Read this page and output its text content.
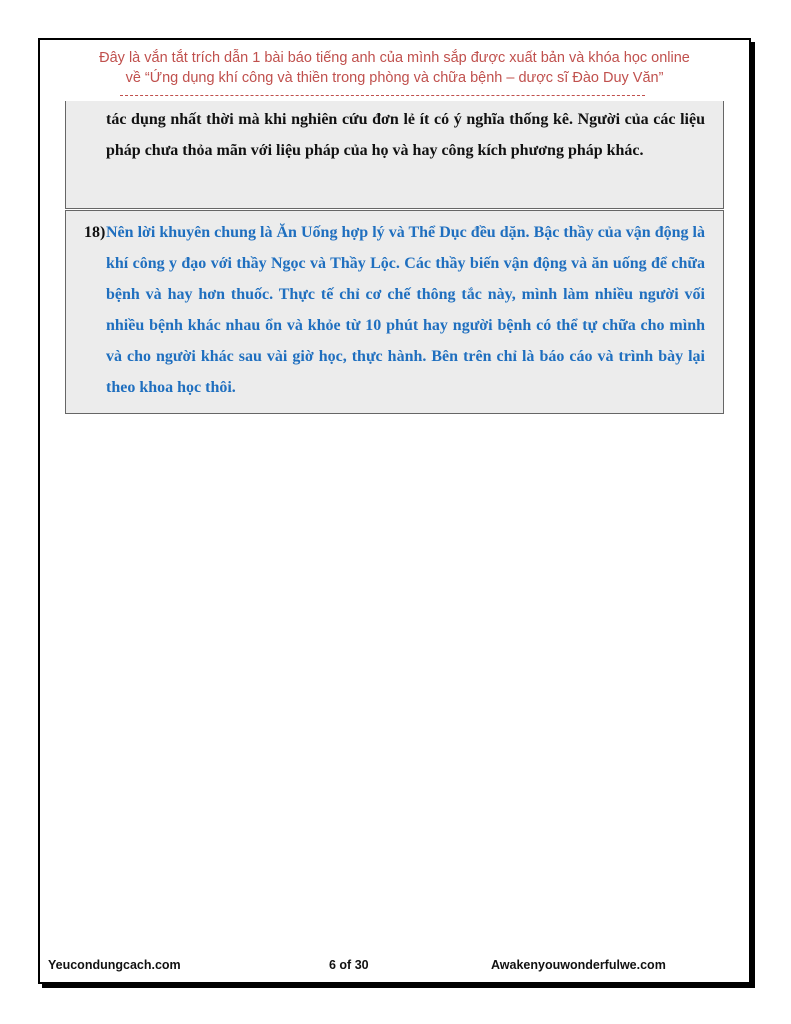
Đây là vắn tắt trích dẫn 1 bài báo tiếng anh của mình sắp được xuất bản và khóa học online
về “Ứng dụng khí công và thiền trong phòng và chữa bệnh – dược sĩ Đào Duy Văn”
tác dụng nhất thời mà khi nghiên cứu đơn lẻ ít có ý nghĩa thống kê. Người của các liệu pháp chưa thỏa mãn với liệu pháp của họ và hay công kích phương pháp khác.
18) Nên lời khuyên chung là Ăn Uống hợp lý và Thể Dục đều dặn. Bậc thầy của vận động là khí công y đạo với thầy Ngọc và Thầy Lộc. Các thầy biến vận động và ăn uống để chữa bệnh và hay hơn thuốc. Thực tế chỉ cơ chế thông tắc này, mình làm nhiều người vối nhiều bệnh khác nhau ổn và khỏe từ 10 phút hay người bệnh có thể tự chữa cho mình và cho người khác sau vài giờ học, thực hành. Bên trên chỉ là báo cáo và trình bày lại theo khoa học thôi.
Yeucondungcach.com	6 of 30	Awakenyouwonderfulwe.com
